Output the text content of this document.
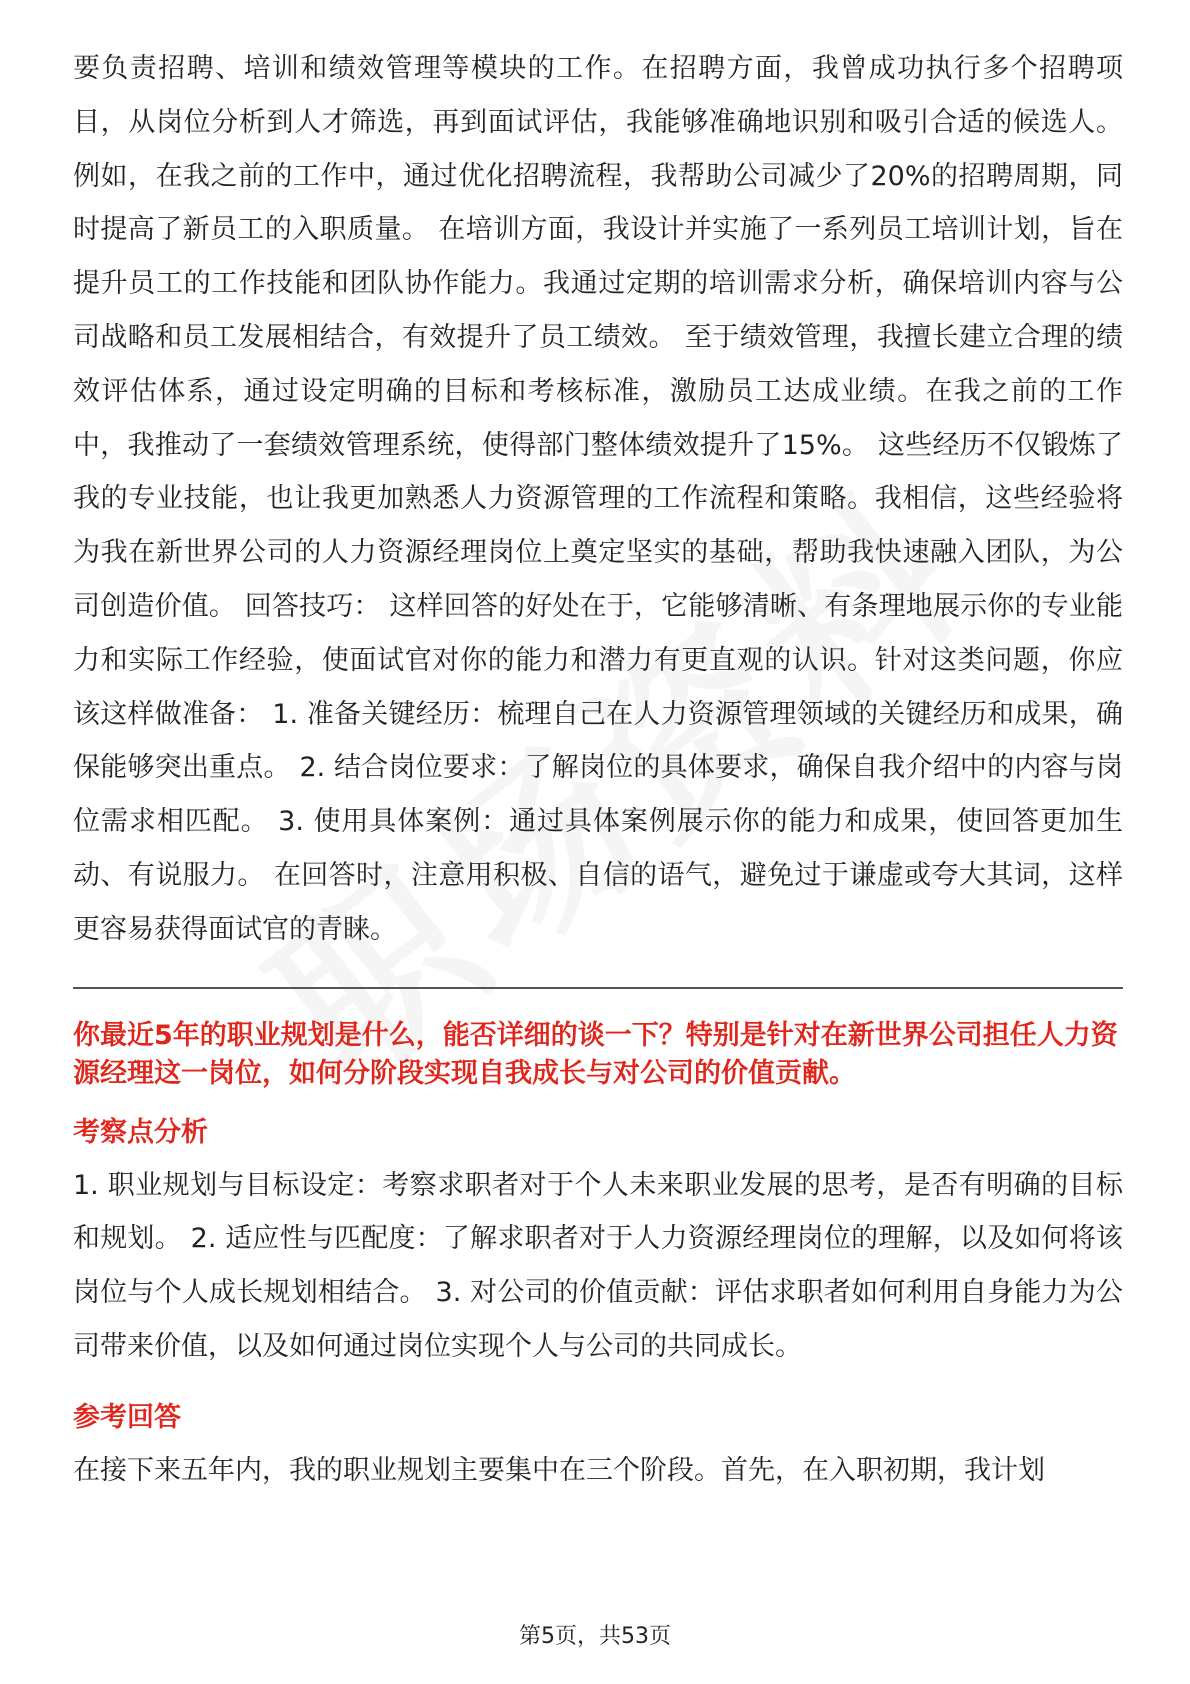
要负责招聘、培训和绩效管理等模块的工作。在招聘方面，我曾成功执行多个招聘项目，从岗位分析到人才筛选，再到面试评估，我能够准确地识别和吸引合适的候选人。例如，在我之前的工作中，通过优化招聘流程，我帮助公司减少了20%的招聘周期，同时提高了新员工的入职质量。 在培训方面，我设计并实施了一系列员工培训计划，旨在提升员工的工作技能和团队协作能力。我通过定期的培训需求分析，确保培训内容与公司战略和员工发展相结合，有效提升了员工绩效。 至于绩效管理，我擅长建立合理的绩效评估体系，通过设定明确的目标和考核标准，激励员工达成业绩。在我之前的工作中，我推动了一套绩效管理系统，使得部门整体绩效提升了15%。 这些经历不仅锻炼了我的专业技能，也让我更加熟悉人力资源管理的工作流程和策略。我相信，这些经验将为我在新世界公司的人力资源经理岗位上奠定坚实的基础，帮助我快速融入团队，为公司创造价值。 回答技巧： 这样回答的好处在于，它能够清晰、有条理地展示你的专业能力和实际工作经验，使面试官对你的能力和潜力有更直观的认识。针对这类问题，你应该这样做准备： 1. 准备关键经历：梳理自己在人力资源管理领域的关键经历和成果，确保能够突出重点。 2. 结合岗位要求：了解岗位的具体要求，确保自我介绍中的内容与岗位需求相匹配。 3. 使用具体案例：通过具体案例展示你的能力和成果，使回答更加生动、有说服力。 在回答时，注意用积极、自信的语气，避免过于谦虚或夸大其词，这样更容易获得面试官的青睐。

你最近5年的职业规划是什么，能否详细的谈一下？特别是针对在新世界公司担任人力资源经理这一岗位，如何分阶段实现自我成长与对公司的价值贡献。

考察点分析

1. 职业规划与目标设定：考察求职者对于个人未来职业发展的思考，是否有明确的目标和规划。 2. 适应性与匹配度：了解求职者对于人力资源经理岗位的理解，以及如何将该岗位与个人成长规划相结合。 3. 对公司的价值贡献：评估求职者如何利用自身能力为公司带来价值，以及如何通过岗位实现个人与公司的共同成长。

参考回答

在接下来五年内，我的职业规划主要集中在三个阶段。首先，在入职初期，我计划

第5页，共53页
